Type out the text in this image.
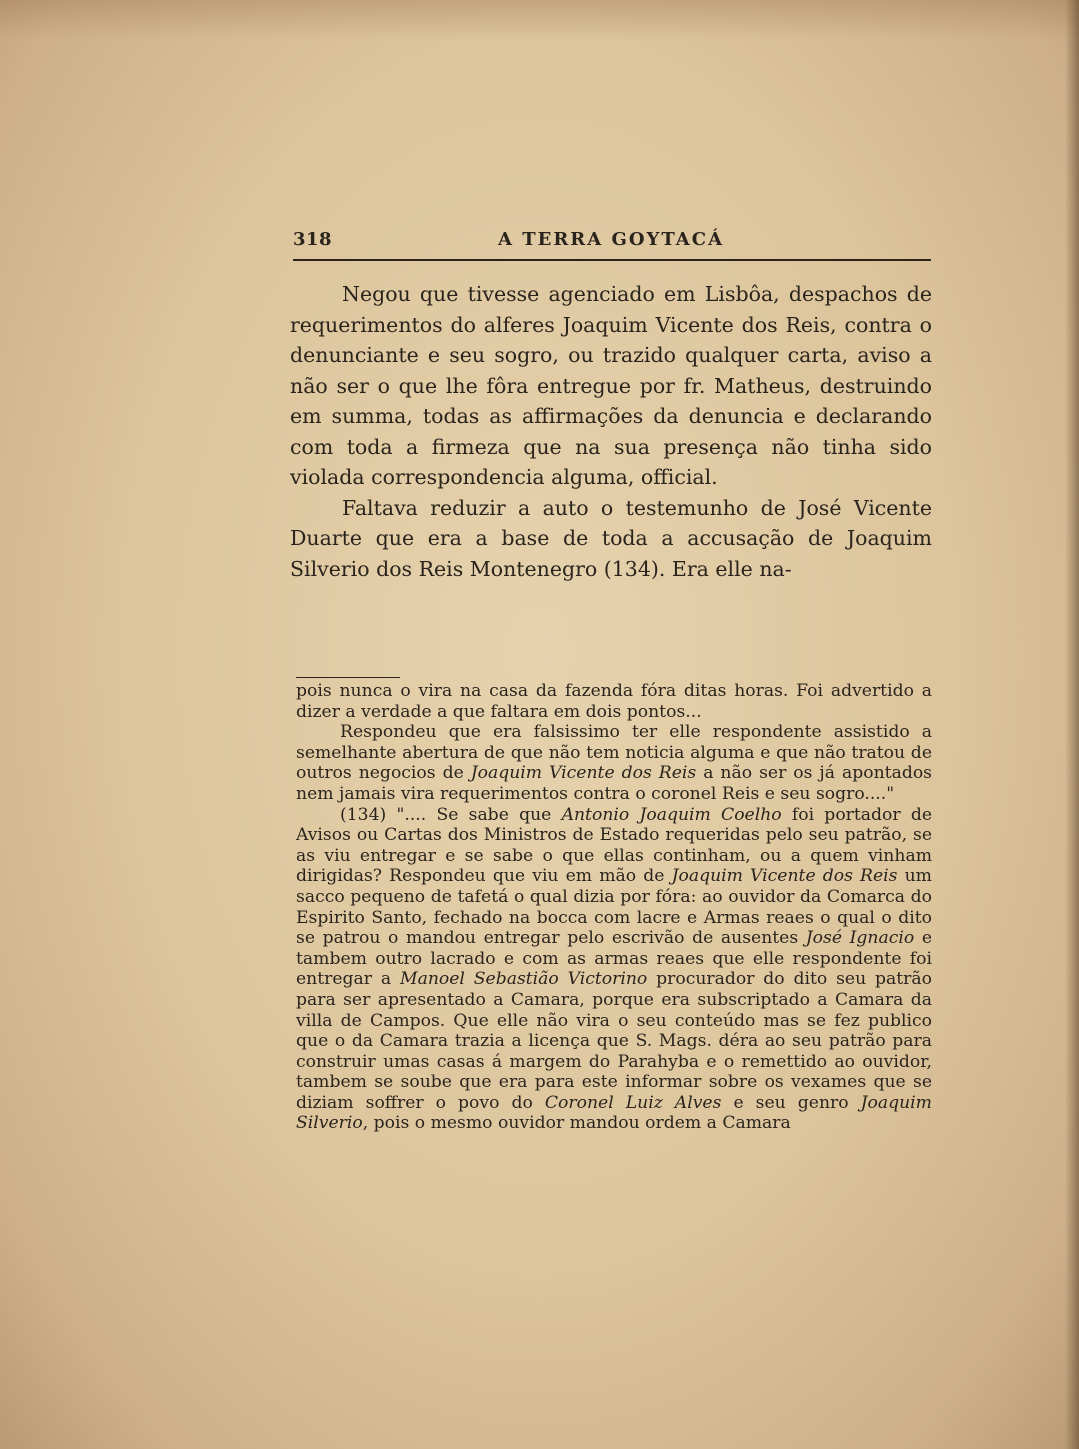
318	A TERRA GOYTACÁ

Negou que tivesse agenciado em Lisbôa, despachos de requerimentos do alferes Joaquim Vicente dos Reis, contra o denunciante e seu sogro, ou trazido qualquer carta, aviso a não ser o que lhe fôra entregue por fr. Matheus, destruindo em summa, todas as affirmações da denuncia e declarando com toda a firmeza que na sua presença não tinha sido violada correspondencia alguma, official.

Faltava reduzir a auto o testemunho de José Vicente Duarte que era a base de toda a accusação de Joaquim Silverio dos Reis Montenegro (134). Era elle na-

pois nunca o vira na casa da fazenda fóra ditas horas. Foi advertido a dizer a verdade a que faltara em dois pontos...

Respondeu que era falsissimo ter elle respondente assistido a semelhante abertura de que não tem noticia alguma e que não tratou de outros negocios de Joaquim Vicente dos Reis a não ser os já apontados nem jamais vira requerimentos contra o coronel Reis e seu sogro...."

(134) ".... Se sabe que Antonio Joaquim Coelho foi portador de Avisos ou Cartas dos Ministros de Estado requeridas pelo seu patrão, se as viu entregar e se sabe o que ellas continham, ou a quem vinham dirigidas? Respondeu que viu em mão de Joaquim Vicente dos Reis um sacco pequeno de tafetá o qual dizia por fóra: ao ouvidor da Comarca do Espirito Santo, fechado na bocca com lacre e Armas reaes o qual o dito se patrou o mandou entregar pelo escrivão de ausentes José Ignacio e tambem outro lacrado e com as armas reaes que elle respondente foi entregar a Manoel Sebastião Victorino procurador do dito seu patrão para ser apresentado a Camara, porque era subscriptado a Camara da villa de Campos. Que elle não vira o seu conteúdo mas se fez publico que o da Camara trazia a licença que S. Mags. déra ao seu patrão para construir umas casas á margem do Parahyba e o remettido ao ouvidor, tambem se soube que era para este informar sobre os vexames que se diziam soffrer o povo do Coronel Luiz Alves e seu genro Joaquim Silverio, pois o mesmo ouvidor mandou ordem a Camara
